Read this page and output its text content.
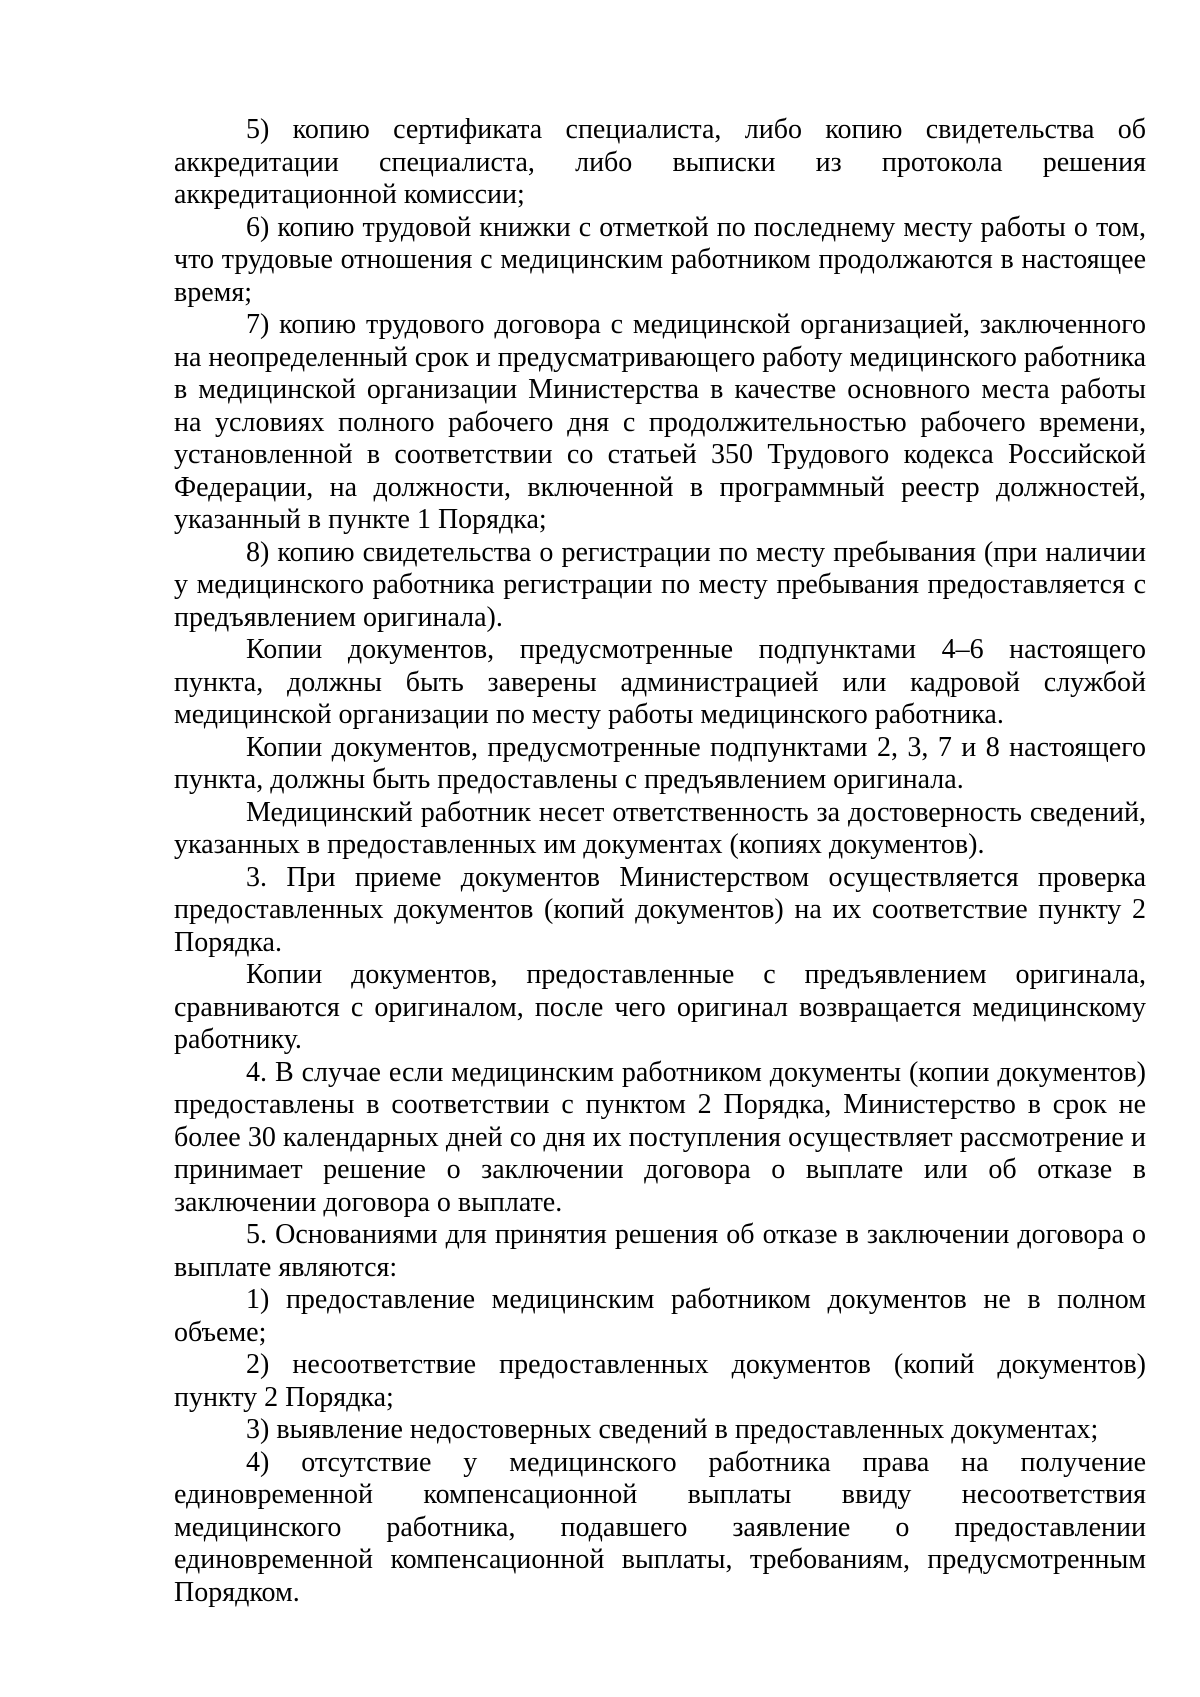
5) копию сертификата специалиста, либо копию свидетельства об аккредитации специалиста, либо выписки из протокола решения аккредитационной комиссии;

6) копию трудовой книжки с отметкой по последнему месту работы о том, что трудовые отношения с медицинским работником продолжаются в настоящее время;

7) копию трудового договора с медицинской организацией, заключенного на неопределенный срок и предусматривающего работу медицинского работника в медицинской организации Министерства в качестве основного места работы на условиях полного рабочего дня с продолжительностью рабочего времени, установленной в соответствии со статьей 350 Трудового кодекса Российской Федерации, на должности, включенной в программный реестр должностей, указанный в пункте 1 Порядка;

8) копию свидетельства о регистрации по месту пребывания (при наличии у медицинского работника регистрации по месту пребывания предоставляется с предъявлением оригинала).

Копии документов, предусмотренные подпунктами 4–6 настоящего пункта, должны быть заверены администрацией или кадровой службой медицинской организации по месту работы медицинского работника.

Копии документов, предусмотренные подпунктами 2, 3, 7 и 8 настоящего пункта, должны быть предоставлены с предъявлением оригинала.

Медицинский работник несет ответственность за достоверность сведений, указанных в предоставленных им документах (копиях документов).

3. При приеме документов Министерством осуществляется проверка предоставленных документов (копий документов) на их соответствие пункту 2 Порядка.

Копии документов, предоставленные с предъявлением оригинала, сравниваются с оригиналом, после чего оригинал возвращается медицинскому работнику.

4. В случае если медицинским работником документы (копии документов) предоставлены в соответствии с пунктом 2 Порядка, Министерство в срок не более 30 календарных дней со дня их поступления осуществляет рассмотрение и принимает решение о заключении договора о выплате или об отказе в заключении договора о выплате.

5. Основаниями для принятия решения об отказе в заключении договора о выплате являются:

1) предоставление медицинским работником документов не в полном объеме;

2) несоответствие предоставленных документов (копий документов) пункту 2 Порядка;

3) выявление недостоверных сведений в предоставленных документах;

4) отсутствие у медицинского работника права на получение единовременной компенсационной выплаты ввиду несоответствия медицинского работника, подавшего заявление о предоставлении единовременной компенсационной выплаты, требованиям, предусмотренным Порядком.
